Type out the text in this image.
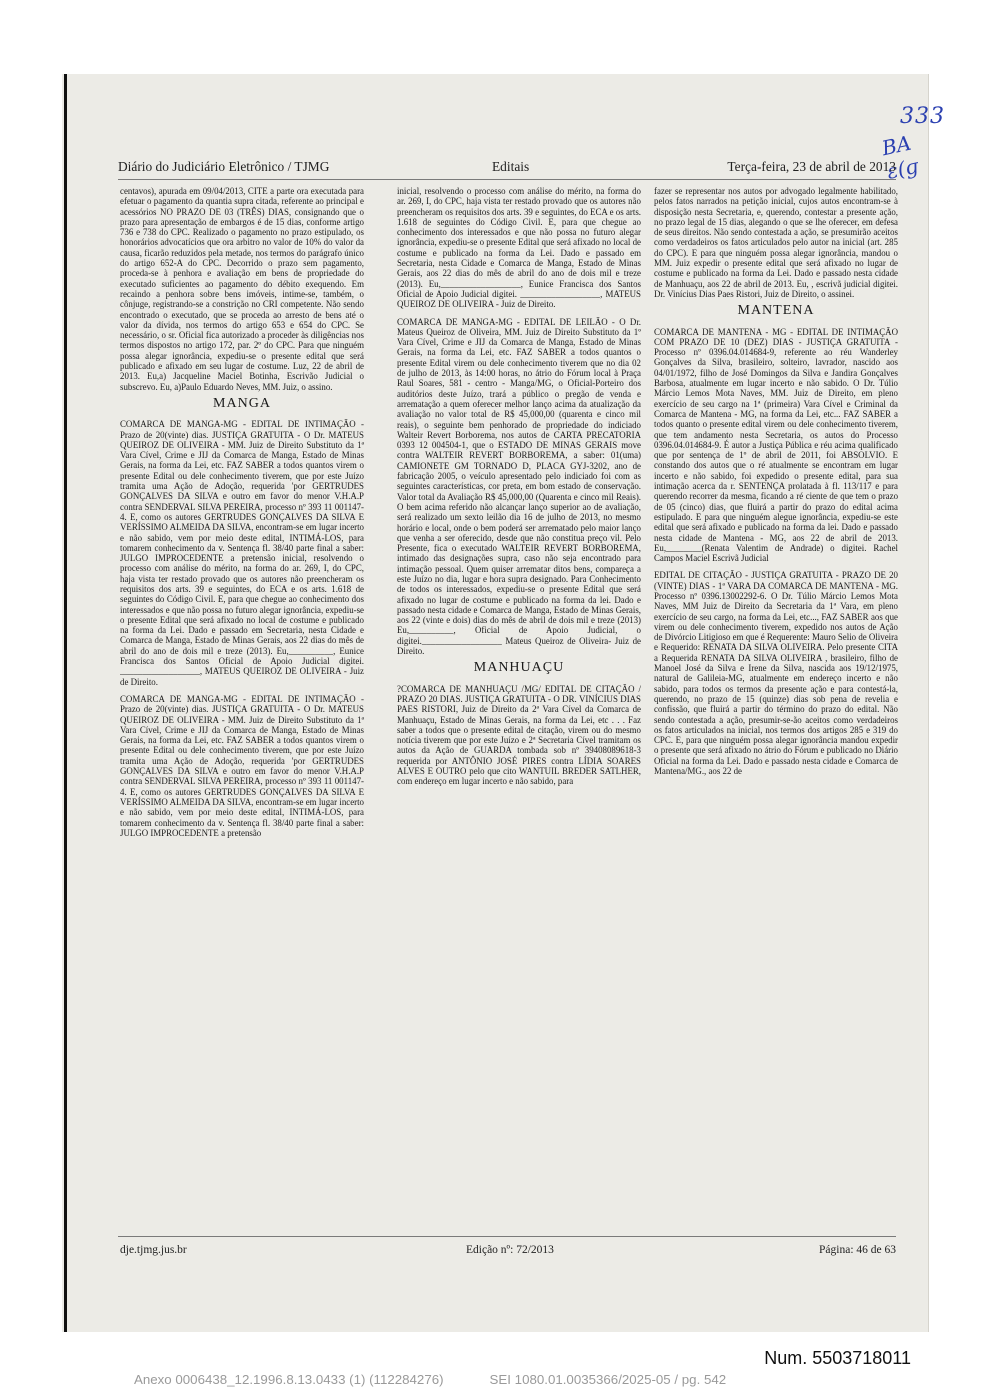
333
BA ɛ(ɡ
Diário do Judiciário Eletrônico / TJMG	Editais	Terça-feira, 23 de abril de 2013

centavos), apurada em 09/04/2013, CITE a parte ora executada para efetuar o pagamento da quantia supra citada, referente ao principal e acessórios NO PRAZO DE 03 (TRÊS) DIAS, consignando que o prazo para apresentação de embargos é de 15 dias, conforme artigo 736 e 738 do CPC. Realizado o pagamento no prazo estipulado, os honorários advocatícios que ora arbitro no valor de 10% do valor da causa, ficarão reduzidos pela metade, nos termos do parágrafo único do artigo 652-A do CPC. Decorrido o prazo sem pagamento, proceda-se à penhora e avaliação em bens de propriedade do executado suficientes ao pagamento do débito exequendo. Em recaindo a penhora sobre bens imóveis, intime-se, também, o cônjuge, registrando-se a constrição no CRI competente. Não sendo encontrado o executado, que se proceda ao arresto de bens até o valor da dívida, nos termos do artigo 653 e 654 do CPC. Se necessário, o sr. Oficial fica autorizado a proceder às diligências nos termos dispostos no artigo 172, par. 2º do CPC. Para que ninguém possa alegar ignorância, expediu-se o presente edital que será publicado e afixado em seu lugar de costume. Luz, 22 de abril de 2013. Eu,a) Jacqueline Maciel Botinha, Escrivão Judicial o subscrevo. Eu, a)Paulo Eduardo Neves, MM. Juiz, o assino.

MANGA

COMARCA DE MANGA-MG - EDITAL DE INTIMAÇÃO - Prazo de 20(vinte) dias. JUSTIÇA GRATUITA - O Dr. MATEUS QUEIROZ DE OLIVEIRA - MM. Juiz de Direito Substituto da 1ª Vara Cível, Crime e JIJ da Comarca de Manga, Estado de Minas Gerais, na forma da Lei, etc. FAZ SABER a todos quantos virem o presente Edital ou dele conhecimento tiverem, que por este Juízo tramita uma Ação de Adoção, requerida 'por GERTRUDES GONÇALVES DA SILVA e outro em favor do menor V.H.A.P contra SENDERVAL SILVA PEREIRA, processo nº 393 11 001147-4. E, como os autores GERTRUDES GONÇALVES DA SILVA E VERÍSSIMO ALMEIDA DA SILVA, encontram-se em lugar incerto e não sabido, vem por meio deste edital, INTIMÁ-LOS, para tomarem conhecimento da v. Sentença fl. 38/40 parte final a saber: JULGO IMPROCEDENTE a pretensão inicial, resolvendo o processo com análise do mérito, na forma do ar. 269, I, do CPC, haja vista ter restado provado que os autores não preencheram os requisitos dos arts. 39 e seguintes, do ECA e os arts. 1.618 de seguintes do Código Civil. E, para que chegue ao conhecimento dos interessados e que não possa no futuro alegar ignorância, expediu-se o presente Edital que será afixado no local de costume e publicado na forma da Lei. Dado e passado em Secretaria, nesta Cidade e Comarca de Manga, Estado de Minas Gerais, aos 22 dias do mês de abril do ano de dois mil e treze (2013). Eu,__________, Eunice Francisca dos Santos Oficial de Apoio Judicial digitei. __________________, MATEUS QUEIROZ DE OLIVEIRA - Juiz de Direito.

COMARCA DE MANGA-MG - EDITAL DE INTIMAÇÃO - Prazo de 20(vinte) dias. JUSTIÇA GRATUITA - O Dr. MATEUS QUEIROZ DE OLIVEIRA - MM. Juiz de Direito Substituto da 1ª Vara Cível, Crime e JIJ da Comarca de Manga, Estado de Minas Gerais, na forma da Lei, etc. FAZ SABER a todos quantos virem o presente Edital ou dele conhecimento tiverem, que por este Juízo tramita uma Ação de Adoção, requerida 'por GERTRUDES GONÇALVES DA SILVA e outro em favor do menor V.H.A.P contra SENDERVAL SILVA PEREIRA, processo nº 393 11 001147-4. E, como os autores GERTRUDES GONÇALVES DA SILVA E VERÍSSIMO ALMEIDA DA SILVA, encontram-se em lugar incerto e não sabido, vem por meio deste edital, INTIMÁ-LOS, para tomarem conhecimento da v. Sentença fl. 38/40 parte final a saber: JULGO IMPROCEDENTE a pretensão

inicial, resolvendo o processo com análise do mérito, na forma do ar. 269, I, do CPC, haja vista ter restado provado que os autores não preencheram os requisitos dos arts. 39 e seguintes, do ECA e os arts. 1.618 de seguintes do Código Civil. E, para que chegue ao conhecimento dos interessados e que não possa no futuro alegar ignorância, expediu-se o presente Edital que será afixado no local de costume e publicado na forma da Lei. Dado e passado em Secretaria, nesta Cidade e Comarca de Manga, Estado de Minas Gerais, aos 22 dias do mês de abril do ano de dois mil e treze (2013). Eu,__________________, Eunice Francisca dos Santos Oficial de Apoio Judicial digitei. __________________, MATEUS QUEIROZ DE OLIVEIRA - Juiz de Direito.

COMARCA DE MANGA-MG - EDITAL DE LEILÃO - O Dr. Mateus Queiroz de Oliveira, MM. Juiz de Direito Substituto da 1º Vara Cível, Crime e JIJ da Comarca de Manga, Estado de Minas Gerais, na forma da Lei, etc. FAZ SABER a todos quantos o presente Edital virem ou dele conhecimento tiverem que no dia 02 de julho de 2013, às 14:00 horas, no átrio do Fórum local à Praça Raul Soares, 581 - centro - Manga/MG, o Oficial-Porteiro dos auditórios deste Juízo, trará a público o pregão de venda e arrematação a quem oferecer melhor lanço acima da atualização da avaliação no valor total de R$ 45,000,00 (quarenta e cinco mil reais), o seguinte bem penhorado de propriedade do indiciado Walteir Revert Borborema, nos autos de CARTA PRECATORIA 0393 12 004504-1, que o ESTADO DE MINAS GERAIS move contra WALTEIR REVERT BORBOREMA, a saber: 01(uma) CAMIONETE GM TORNADO D, PLACA GYJ-3202, ano de fabricação 2005, o veículo apresentado pelo indiciado foi com as seguintes características, cor preta, em bom estado de conservação. Valor total da Avaliação R$ 45,000,00 (Quarenta e cinco mil Reais). O bem acima referido não alcançar lanço superior ao de avaliação, será realizado um sexto leilão dia 16 de julho de 2013, no mesmo horário e local, onde o bem poderá ser arrematado pelo maior lanço que venha a ser oferecido, desde que não constitua preço vil. Pelo Presente, fica o executado WALTEIR REVERT BORBOREMA, intimado das designações supra, caso não seja encontrado para intimação pessoal. Quem quiser arrematar ditos bens, compareça a este Juízo no dia, lugar e hora supra designado. Para Conhecimento de todos os interessados, expediu-se o presente Edital que será afixado no lugar de costume e publicado na forma da lei. Dado e passado nesta cidade e Comarca de Manga, Estado de Minas Gerais, aos 22 (vinte e dois) dias do mês de abril de dois mil e treze (2013) Eu,__________, Oficial de Apoio Judicial, o digitei.__________________ Mateus Queiroz de Oliveira- Juiz de Direito.

MANHUAÇU

?COMARCA DE MANHUAÇU /MG/ EDITAL DE CITAÇÃO / PRAZO 20 DIAS. JUSTIÇA GRATUITA - O DR. VINÍCIUS DIAS PAES RISTORI, Juiz de Direito da 2ª Vara Cível da Comarca de Manhuaçu, Estado de Minas Gerais, na forma da Lei, etc . . . Faz saber a todos que o presente edital de citação, virem ou do mesmo notícia tiverem que por este Juízo e 2ª Secretaria Cível tramitam os autos da Ação de GUARDA tombada sob nº 39408089618-3 requerida por ANTÔNIO JOSÉ PIRES contra LÍDIA SOARES ALVES E OUTRO pelo que cito WANTUIL BREDER SATLHER, com endereço em lugar incerto e não sabido, para

fazer se representar nos autos por advogado legalmente habilitado, pelos fatos narrados na petição inicial, cujos autos encontram-se à disposição nesta Secretaria, e, querendo, contestar a presente ação, no prazo legal de 15 dias, alegando o que se lhe oferecer, em defesa de seus direitos. Não sendo contestada a ação, se presumirão aceitos como verdadeiros os fatos articulados pelo autor na inicial (art. 285 do CPC). E para que ninguém possa alegar ignorância, mandou o MM. Juiz expedir o presente edital que será afixado no lugar de costume e publicado na forma da Lei. Dado e passado nesta cidade de Manhuaçu, aos 22 de abril de 2013. Eu, , escrivã judicial digitei. Dr. Vinícius Dias Paes Ristori, Juiz de Direito, o assinei.

MANTENA

COMARCA DE MANTENA - MG - EDITAL DE INTIMAÇÃO COM PRAZO DE 10 (DEZ) DIAS - JUSTIÇA GRATUITA - Processo nº 0396.04.014684-9, referente ao réu Wanderley Gonçalves da Silva, brasileiro, solteiro, lavrador, nascido aos 04/01/1972, filho de José Domingos da Silva e Jandira Gonçalves Barbosa, atualmente em lugar incerto e não sabido. O Dr. Túlio Márcio Lemos Mota Naves, MM. Juiz de Direito, em pleno exercício de seu cargo na 1ª (primeira) Vara Cível e Criminal da Comarca de Mantena - MG, na forma da Lei, etc... FAZ SABER a todos quanto o presente edital virem ou dele conhecimento tiverem, que tem andamento nesta Secretaria, os autos do Processo 0396.04.014684-9. É autor a Justiça Pública e réu acima qualificado que por sentença de 1º de abril de 2011, foi ABSOLVIO. E constando dos autos que o ré atualmente se encontram em lugar incerto e não sabido, foi expedido o presente edital, para sua intimação acerca da r. SENTENÇA prolatada à fl. 113/117 e para querendo recorrer da mesma, ficando a ré ciente de que tem o prazo de 05 (cinco) dias, que fluirá a partir do prazo do edital acima estipulado. E para que ninguém alegue ignorância, expediu-se este edital que será afixado e publicado na forma da lei. Dado e passado nesta cidade de Mantena - MG, aos 22 de abril de 2013. Eu,________(Renata Valentim de Andrade) o digitei. Rachel Campos Maciel Escrivã Judicial

EDITAL DE CITAÇÃO - JUSTIÇA GRATUITA - PRAZO DE 20 (VINTE) DIAS - 1ª VARA DA COMARCA DE MANTENA - MG. Processo nº 0396.13002292-6. O Dr. Túlio Márcio Lemos Mota Naves, MM Juiz de Direito da Secretaria da 1ª Vara, em pleno exercício de seu cargo, na forma da Lei, etc..., FAZ SABER aos que virem ou dele conhecimento tiverem, expedido nos autos de Ação de Divórcio Litigioso em que é Requerente: Mauro Selio de Oliveira e Requerido: RENATA DA SILVA OLIVEIRA. Pelo presente CITA a Requerida RENATA DA SILVA OLIVEIRA , brasileiro, filho de Manoel José da Silva e Irene da Silva, nascida aos 19/12/1975, natural de Galileia-MG, atualmente em endereço incerto e não sabido, para todos os termos da presente ação e para contestá-la, querendo, no prazo de 15 (quinze) dias sob pena de revelia e confissão, que fluirá a partir do término do prazo do edital. Não sendo contestada a ação, presumir-se-ão aceitos como verdadeiros os fatos articulados na inicial, nos termos dos artigos 285 e 319 do CPC. E, para que ninguém possa alegar ignorância mandou expedir o presente que será afixado no átrio do Fórum e publicado no Diário Oficial na forma da Lei. Dado e passado nesta cidade e Comarca de Mantena/MG., aos 22 de

dje.tjmg.jus.br	Edição nº: 72/2013	Página: 46 de 63
Num. 5503718011
Anexo 0006438_12.1996.8.13.0433 (1) (112284276)	SEI 1080.01.0035366/2025-05 / pg. 542
